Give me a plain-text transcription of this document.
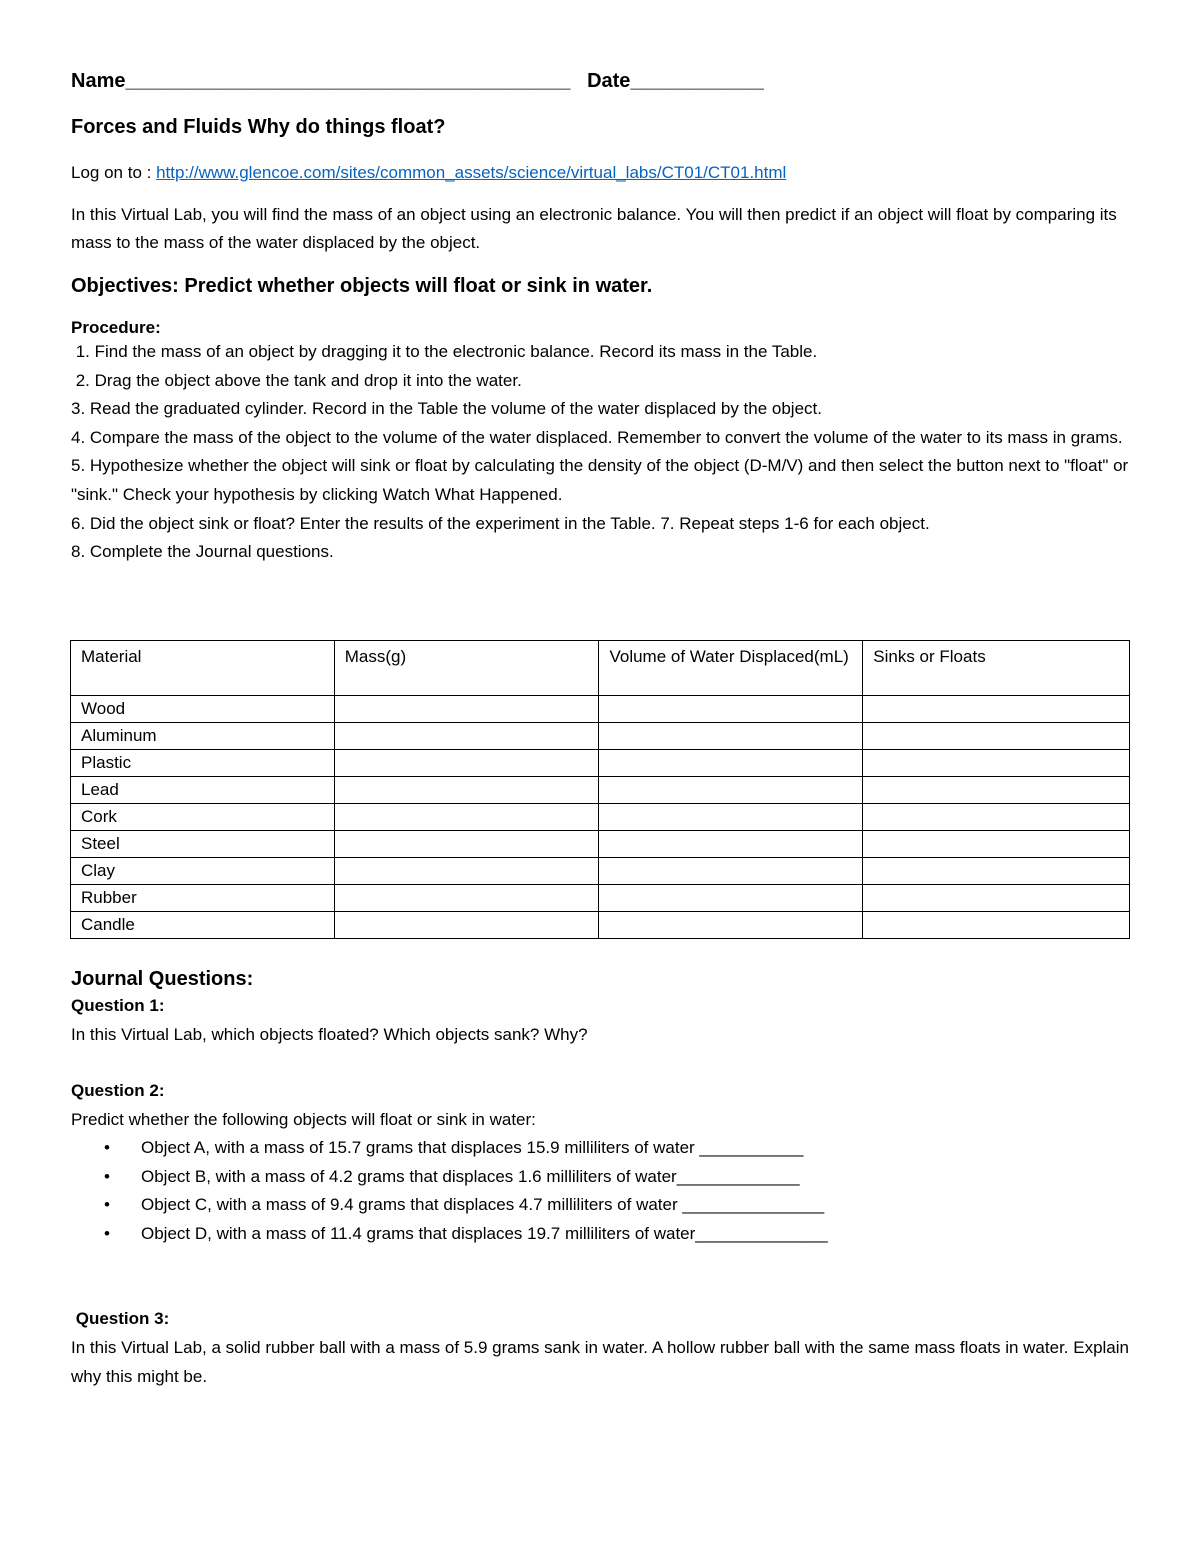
Name________________________________________ Date____________
Forces and Fluids Why do things float?
Log on to : http://www.glencoe.com/sites/common_assets/science/virtual_labs/CT01/CT01.html
In this Virtual Lab, you will find the mass of an object using an electronic balance. You will then predict if an object will float by comparing its mass to the mass of the water displaced by the object.
Objectives: Predict whether objects will float or sink in water.
Procedure:
1. Find the mass of an object by dragging it to the electronic balance. Record its mass in the Table.
2. Drag the object above the tank and drop it into the water.
3. Read the graduated cylinder. Record in the Table the volume of the water displaced by the object.
4. Compare the mass of the object to the volume of the water displaced. Remember to convert the volume of the water to its mass in grams.
5. Hypothesize whether the object will sink or float by calculating the density of the object (D-M/V) and then select the button next to "float" or "sink." Check your hypothesis by clicking Watch What Happened.
6. Did the object sink or float? Enter the results of the experiment in the Table. 7. Repeat steps 1-6 for each object.
8. Complete the Journal questions.
Material	Mass(g)	Volume of Water Displaced(mL)	Sinks or Floats
Wood			
Aluminum			
Plastic			
Lead			
Cork			
Steel			
Clay			
Rubber			
Candle			
Journal Questions:
Question 1:
In this Virtual Lab, which objects floated? Which objects sank? Why?
Question 2:
Predict whether the following objects will float or sink in water:
• Object A, with a mass of 15.7 grams that displaces 15.9 milliliters of water ___________
• Object B, with a mass of 4.2 grams that displaces 1.6 milliliters of water_____________
• Object C, with a mass of 9.4 grams that displaces 4.7 milliliters of water _______________
• Object D, with a mass of 11.4 grams that displaces 19.7 milliliters of water______________
Question 3:
In this Virtual Lab, a solid rubber ball with a mass of 5.9 grams sank in water. A hollow rubber ball with the same mass floats in water. Explain why this might be.
